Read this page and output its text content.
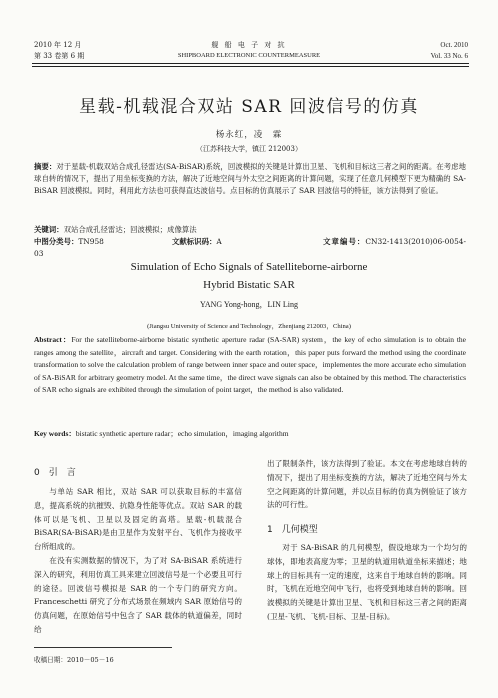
2010 年 12 月
第 33 卷第 6 期
舰 船 电 子 对 抗
SHIPBOARD ELECTRONIC COUNTERMEASURE
Oct. 2010
Vol. 33 No. 6
星载-机载混合双站 SAR 回波信号的仿真
杨永红，凌　霖
（江苏科技大学，镇江 212003）
摘要：对于星载-机载双站合成孔径雷达(SA-BiSAR)系统，回波模拟的关键是计算出卫星、飞机和目标这三者之间的距离。在考虑地球自转的情况下，提出了用坐标变换的方法，解决了近地空间与外太空之间距离的计算问题，实现了任意几何模型下更为精确的 SA-BiSAR 回波模拟。同时，利用此方法也可获得直达波信号。点目标的仿真展示了 SAR 回波信号的特征，该方法得到了验证。
关键词：双站合成孔径雷达；回波模拟；成像算法
中图分类号：TN958	文献标识码：A	文章编号：CN32-1413(2010)06-0054-03
Simulation of Echo Signals of Satelliteborne-airborne
Hybrid Bistatic SAR
YANG Yong-hong，LIN Ling
(Jiangsu University of Science and Technology，Zhenjiang 212003，China)
Abstract：For the satelliteborne-airborne bistatic synthetic aperture radar (SA-SAR) system，the key of echo simulation is to obtain the ranges among the satellite，aircraft and target. Considering with the earth rotation，this paper puts forward the method using the coordinate transformation to solve the calculation problem of range between inner space and outer space，implementes the more accurate echo simulation of SA-BiSAR for arbitrary geometry model. At the same time，the direct wave signals can also be obtained by this method. The characteristics of SAR echo signals are exhibited through the simulation of point target，the method is also validated.
Key words：bistatic synthetic aperture radar；echo simulation，imaging algorithm
0　引　言

与单站 SAR 相比，双站 SAR 可以获取目标的丰富信息，提高系统的抗摧毁、抗隐身性能等优点。双站 SAR 的载体可以是飞机、卫星以及固定的高塔。星载-机载混合 BiSAR(SA-BiSAR)是由卫星作为发射平台、飞机作为接收平台所组成的。

在没有实测数据的情况下，为了对 SA-BiSAR 系统进行深入的研究，利用仿真工具来建立回波信号是一个必要且可行的途径。回波信号模拟是 SAR 的一个专门的研究方向。Franceschetti 研究了分布式场景在频域内 SAR 原始信号的仿真问题，在原始信号中包含了 SAR 载体的轨道偏差，同时给

收稿日期：2010－05－16

出了限制条件，该方法得到了验证。本文在考虑地球自转的情况下，提出了用坐标变换的方法，解决了近地空间与外太空之间距离的计算问题，并以点目标的仿真为例验证了该方法的可行性。

1　几何模型

对于 SA-BiSAR 的几何模型，假设地球为一个均匀的球体，即地表高度为零；卫星的轨道用轨道坐标来描述；地球上的目标具有一定的速度，这来自于地球自转的影响。同时，飞机在近地空间中飞行，也将受到地球自转的影响。回波模拟的关键是计算出卫星、飞机和目标这三者之间的距离(卫星-飞机、飞机-目标、卫星-目标)。
